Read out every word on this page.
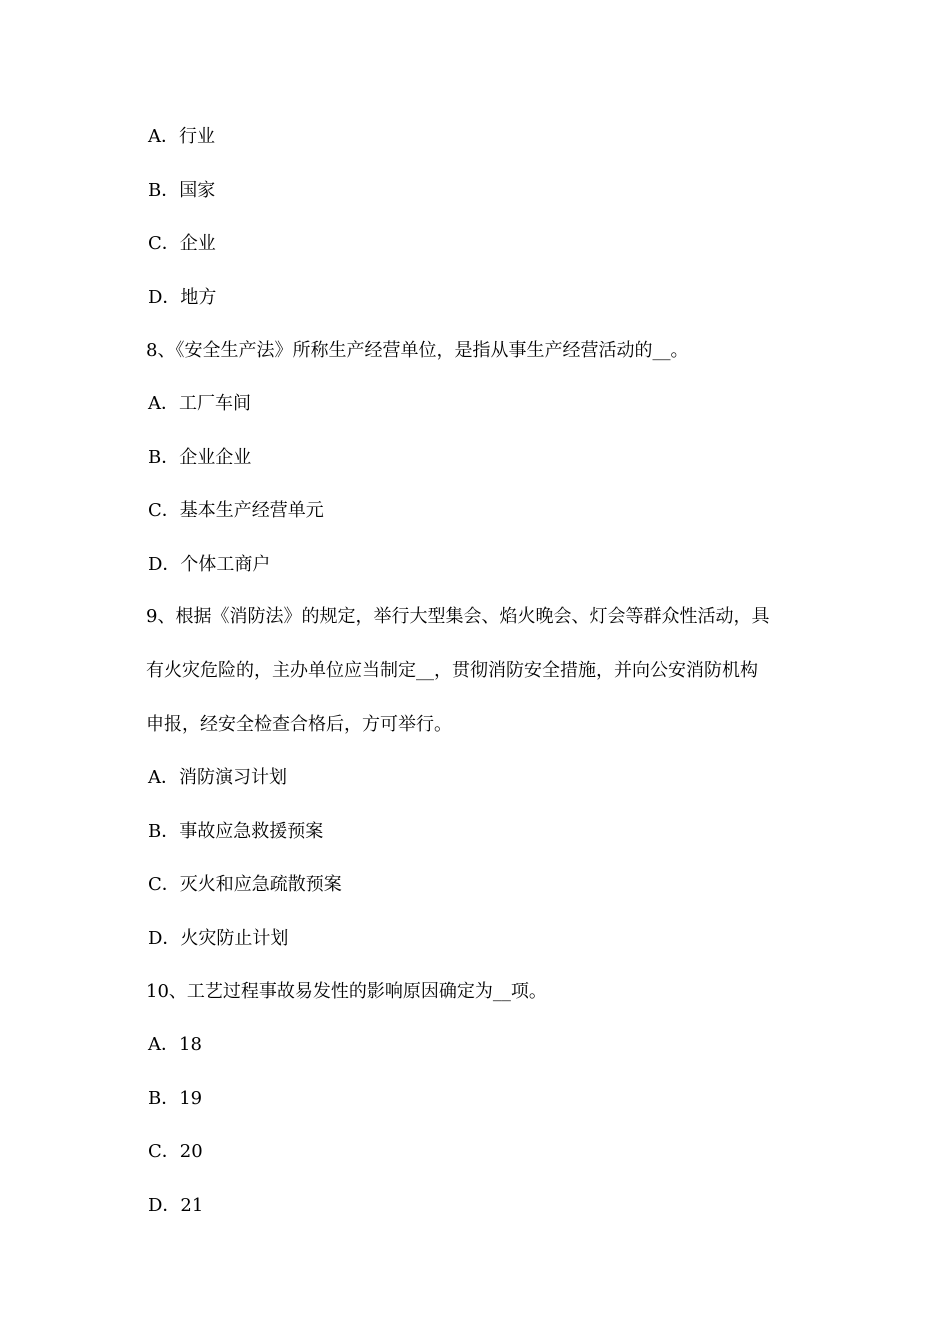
A．行业
B．国家
C．企业
D．地方
8、《安全生产法》所称生产经营单位，是指从事生产经营活动的__。
A．工厂车间
B．企业企业
C．基本生产经营单元
D．个体工商户
9、根据《消防法》的规定，举行大型集会、焰火晚会、灯会等群众性活动，具
有火灾危险的，主办单位应当制定__，贯彻消防安全措施，并向公安消防机构
申报，经安全检查合格后，方可举行。
A．消防演习计划
B．事故应急救援预案
C．灭火和应急疏散预案
D．火灾防止计划
10、工艺过程事故易发性的影响原因确定为__项。
A．18
B．19
C．20
D．21
